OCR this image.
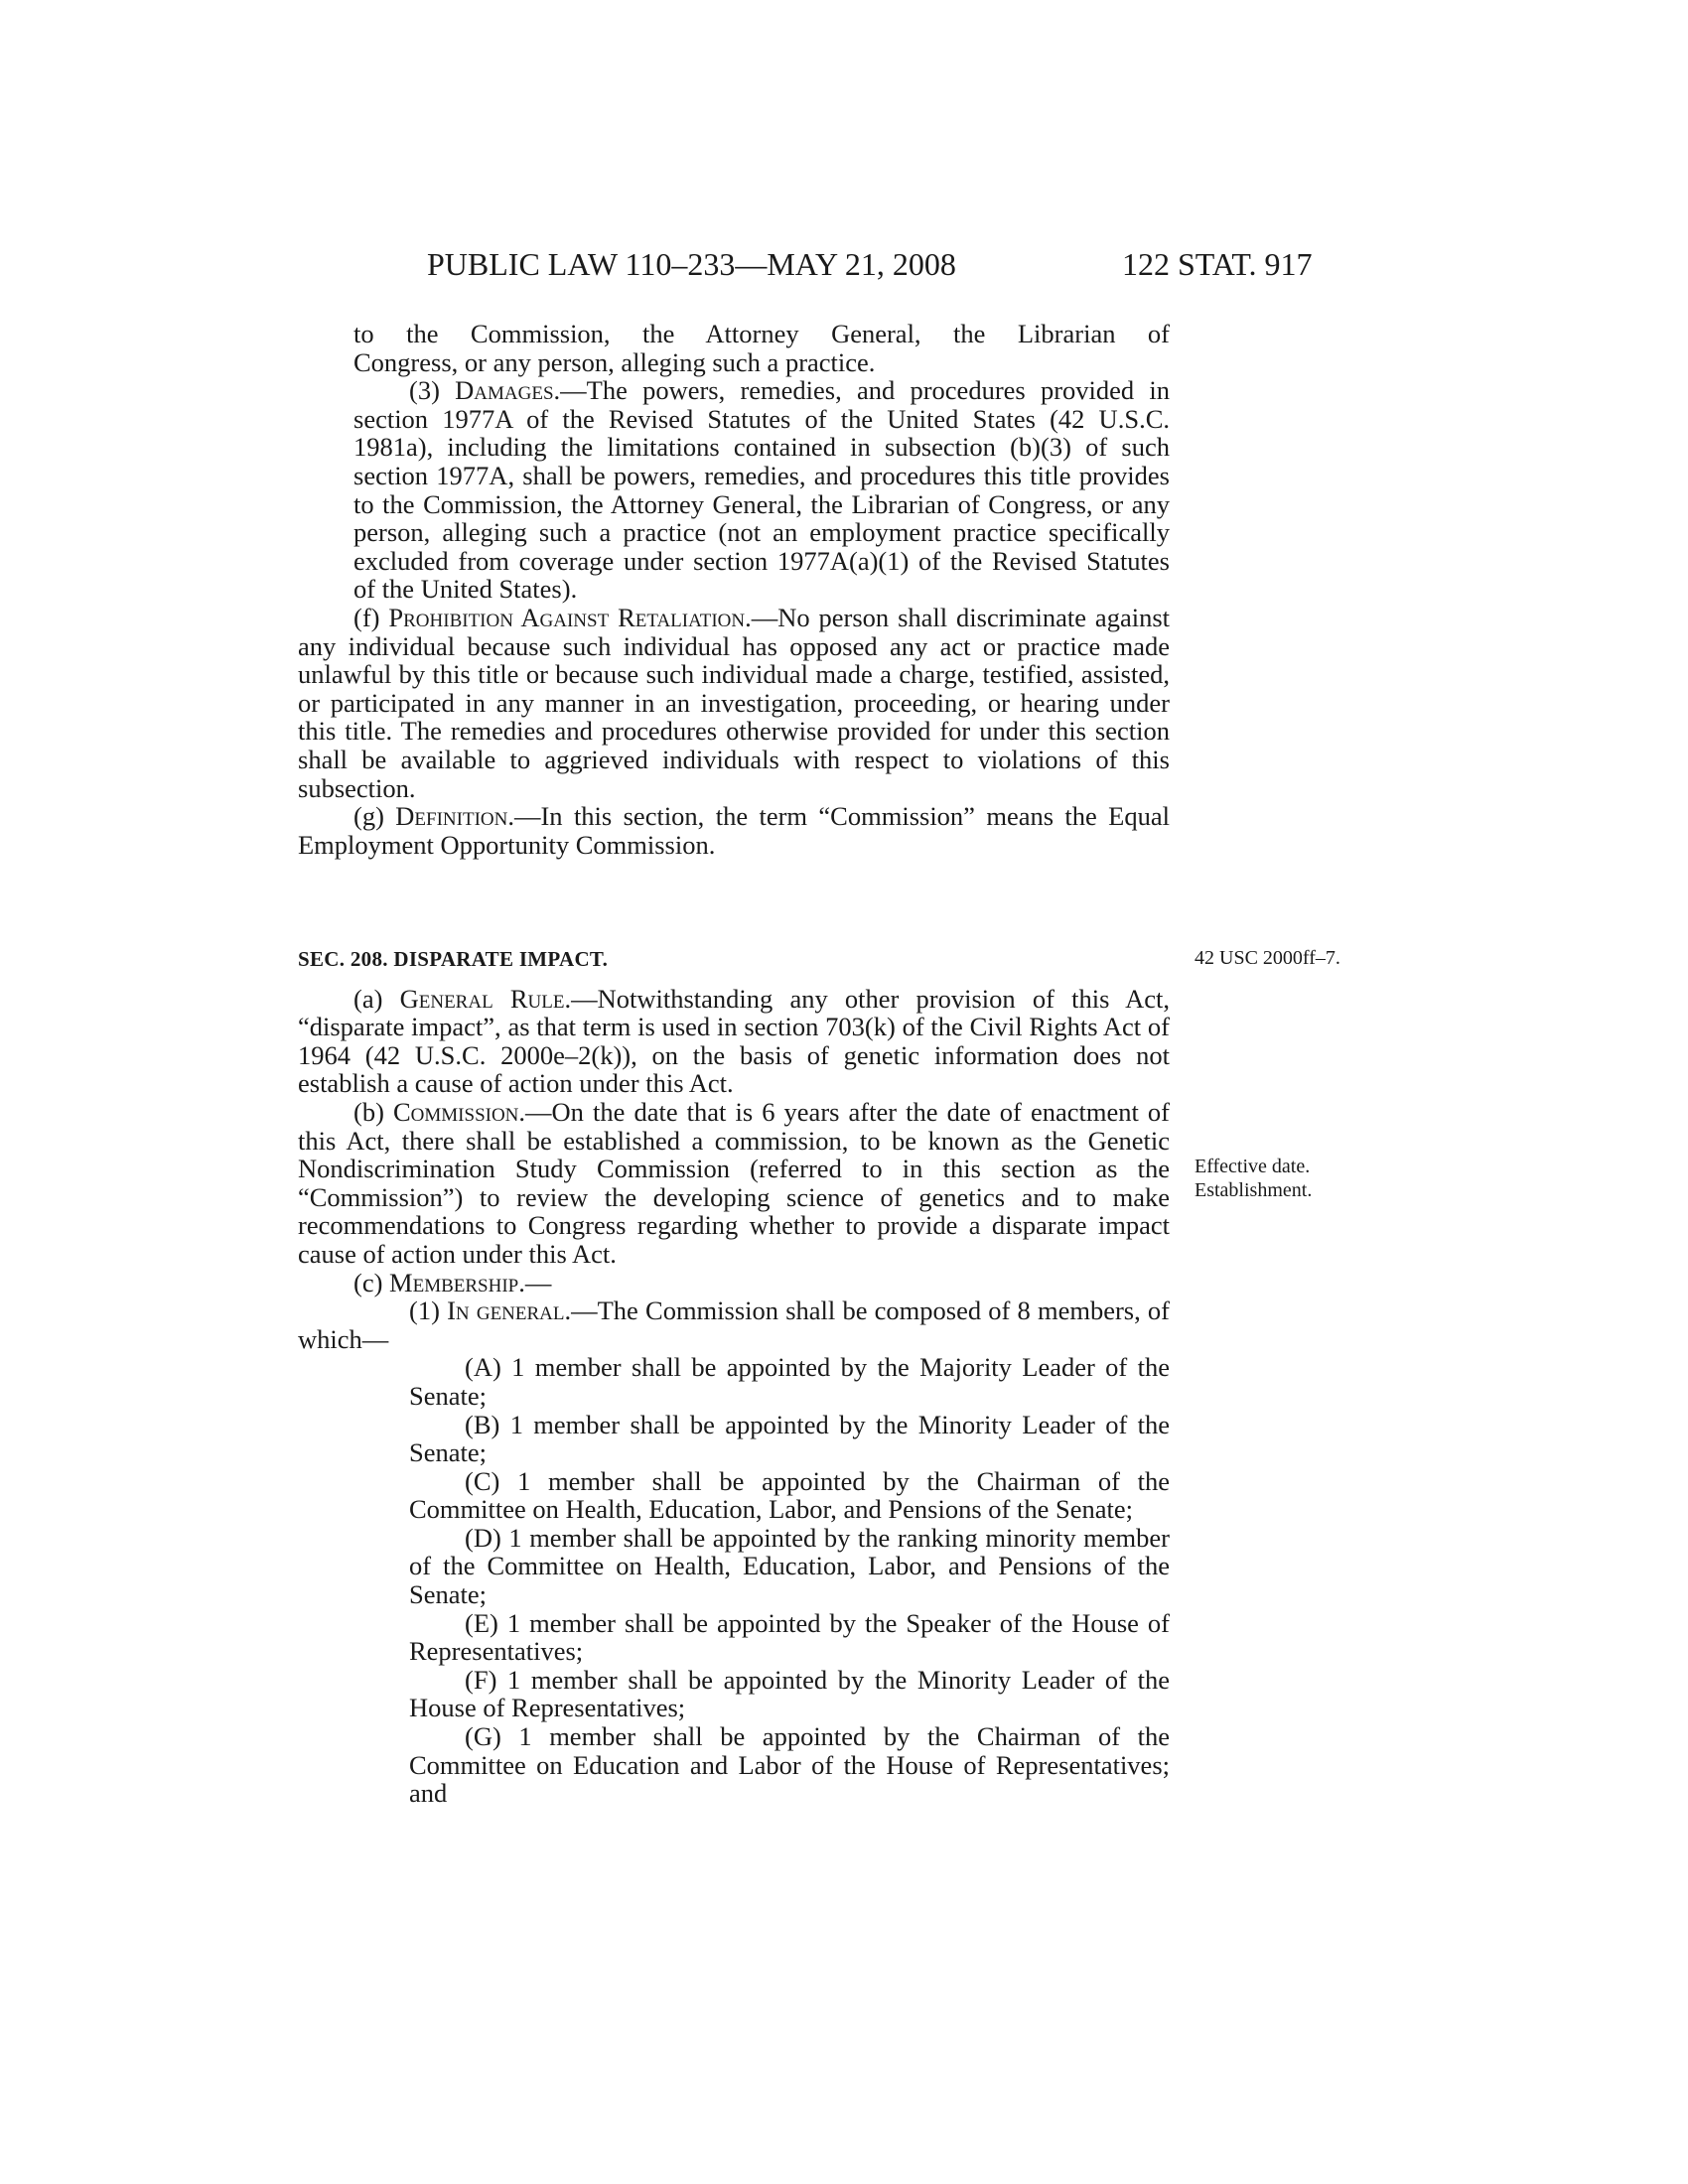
PUBLIC LAW 110–233—MAY 21, 2008	122 STAT. 917

to the Commission, the Attorney General, the Librarian of

Congress, or any person, alleging such a practice.

(3) Damages.—The powers, remedies, and procedures provided in section 1977A of the Revised Statutes of the United States (42 U.S.C. 1981a), including the limitations contained in subsection (b)(3) of such section 1977A, shall be powers, remedies, and procedures this title provides to the Commission, the Attorney General, the Librarian of Congress, or any person, alleging such a practice (not an employment practice specifically excluded from coverage under section 1977A(a)(1) of the Revised Statutes of the United States).

(f) Prohibition Against Retaliation.—No person shall discriminate against any individual because such individual has opposed any act or practice made unlawful by this title or because such individual made a charge, testified, assisted, or participated in any manner in an investigation, proceeding, or hearing under this title. The remedies and procedures otherwise provided for under this section shall be available to aggrieved individuals with respect to violations of this subsection.

(g) Definition.—In this section, the term “Commission” means the Equal Employment Opportunity Commission.

42 USC 2000ff–7.
Effective date.
Establishment.

SEC. 208. DISPARATE IMPACT.

(a) General Rule.—Notwithstanding any other provision of this Act, “disparate impact”, as that term is used in section 703(k) of the Civil Rights Act of 1964 (42 U.S.C. 2000e–2(k)), on the basis of genetic information does not establish a cause of action under this Act.

(b) Commission.—On the date that is 6 years after the date of enactment of this Act, there shall be established a commission, to be known as the Genetic Nondiscrimination Study Commission (referred to in this section as the “Commission”) to review the developing science of genetics and to make recommendations to Congress regarding whether to provide a disparate impact cause of action under this Act.

(c) Membership.—

(1) In general.—The Commission shall be composed of 8 members, of which—

(A) 1 member shall be appointed by the Majority Leader of the Senate;

(B) 1 member shall be appointed by the Minority Leader of the Senate;

(C) 1 member shall be appointed by the Chairman of the Committee on Health, Education, Labor, and Pensions of the Senate;

(D) 1 member shall be appointed by the ranking minority member of the Committee on Health, Education, Labor, and Pensions of the Senate;

(E) 1 member shall be appointed by the Speaker of the House of Representatives;

(F) 1 member shall be appointed by the Minority Leader of the House of Representatives;

(G) 1 member shall be appointed by the Chairman of the Committee on Education and Labor of the House of Representatives; and
